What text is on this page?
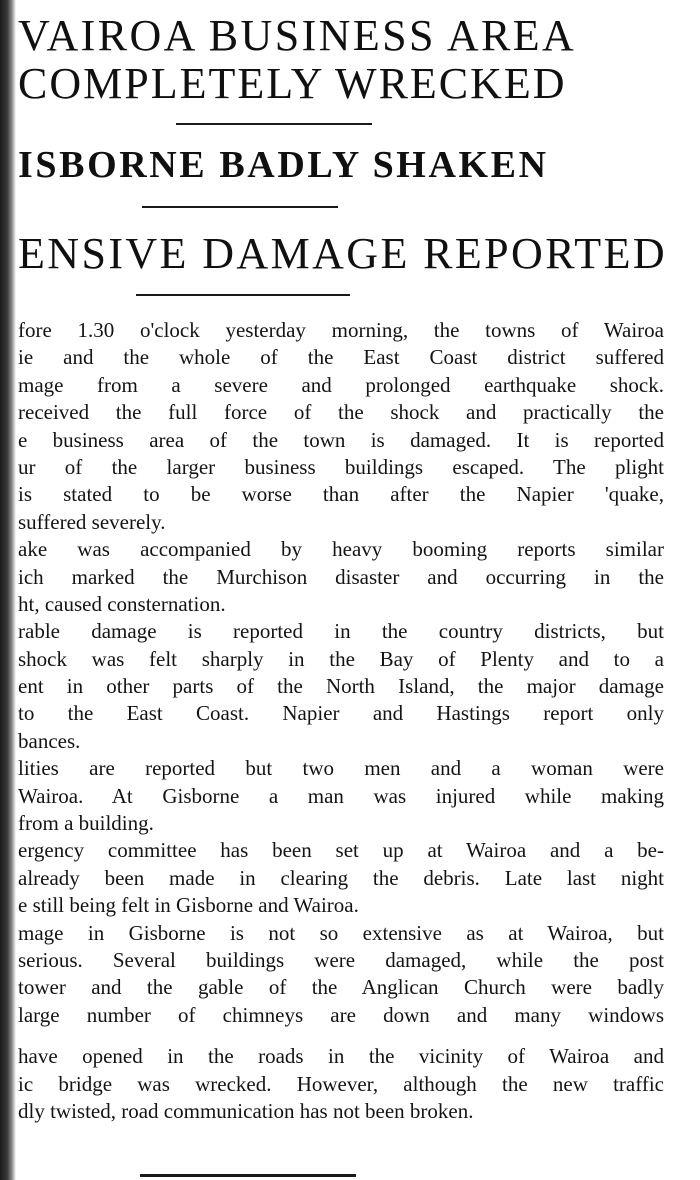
VAIROA BUSINESS AREA
COMPLETELY WRECKED
ISBORNE BADLY SHAKEN
ENSIVE DAMAGE REPORTED
fore 1.30 o'clock yesterday morning, the towns of Wairoa
ie and the whole of the East Coast district suffered
mage from a severe and prolonged earthquake shock.
received the full force of the shock and practically the
e business area of the town is damaged. It is reported
ur of the larger business buildings escaped. The plight
is stated to be worse than after the Napier 'quake,
suffered severely.
ake was accompanied by heavy booming reports similar
ich marked the Murchison disaster and occurring in the
ht, caused consternation.
rable damage is reported in the country districts, but
shock was felt sharply in the Bay of Plenty and to a
ent in other parts of the North Island, the major damage
to the East Coast. Napier and Hastings report only
bances.
lities are reported but two men and a woman were
Wairoa. At Gisborne a man was injured while making
from a building.
ergency committee has been set up at Wairoa and a be-
already been made in clearing the debris. Late last night
e still being felt in Gisborne and Wairoa.
mage in Gisborne is not so extensive as at Wairoa, but
serious. Several buildings were damaged, while the post
tower and the gable of the Anglican Church were badly
large number of chimneys are down and many windows
have opened in the roads in the vicinity of Wairoa and
ic bridge was wrecked. However, although the new traffic
dly twisted, road communication has not been broken.
